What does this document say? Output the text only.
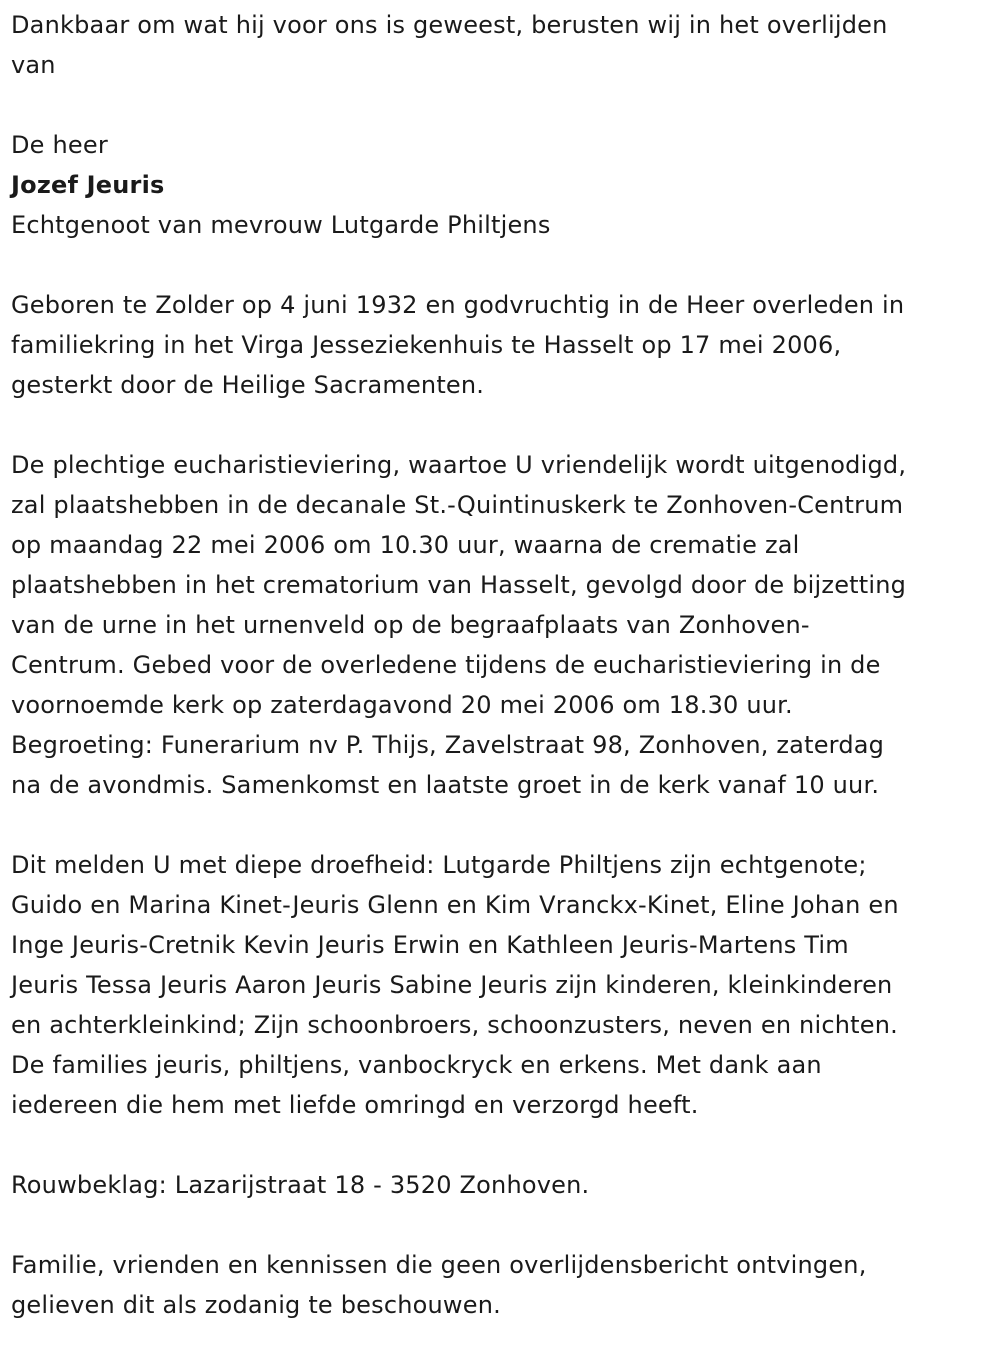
Dankbaar om wat hij voor ons is geweest, berusten wij in het overlijden
van
De heer
Jozef Jeuris
Echtgenoot van mevrouw Lutgarde Philtjens
Geboren te Zolder op 4 juni 1932 en godvruchtig in de Heer overleden in
familiekring in het Virga Jesseziekenhuis te Hasselt op 17 mei 2006,
gesterkt door de Heilige Sacramenten.
De plechtige eucharistieviering, waartoe U vriendelijk wordt uitgenodigd,
zal plaatshebben in de decanale St.-Quintinuskerk te Zonhoven-Centrum
op maandag 22 mei 2006 om 10.30 uur, waarna de crematie zal
plaatshebben in het crematorium van Hasselt, gevolgd door de bijzetting
van de urne in het urnenveld op de begraafplaats van Zonhoven-
Centrum. Gebed voor de overledene tijdens de eucharistieviering in de
voornoemde kerk op zaterdagavond 20 mei 2006 om 18.30 uur.
Begroeting: Funerarium nv P. Thijs, Zavelstraat 98, Zonhoven, zaterdag
na de avondmis. Samenkomst en laatste groet in de kerk vanaf 10 uur.
Dit melden U met diepe droefheid: Lutgarde Philtjens zijn echtgenote;
Guido en Marina Kinet-Jeuris Glenn en Kim Vranckx-Kinet, Eline Johan en
Inge Jeuris-Cretnik Kevin Jeuris Erwin en Kathleen Jeuris-Martens Tim
Jeuris Tessa Jeuris Aaron Jeuris Sabine Jeuris zijn kinderen, kleinkinderen
en achterkleinkind; Zijn schoonbroers, schoonzusters, neven en nichten.
De families jeuris, philtjens, vanbockryck en erkens. Met dank aan
iedereen die hem met liefde omringd en verzorgd heeft.
Rouwbeklag: Lazarijstraat 18 - 3520 Zonhoven.
Familie, vrienden en kennissen die geen overlijdensbericht ontvingen,
gelieven dit als zodanig te beschouwen.
